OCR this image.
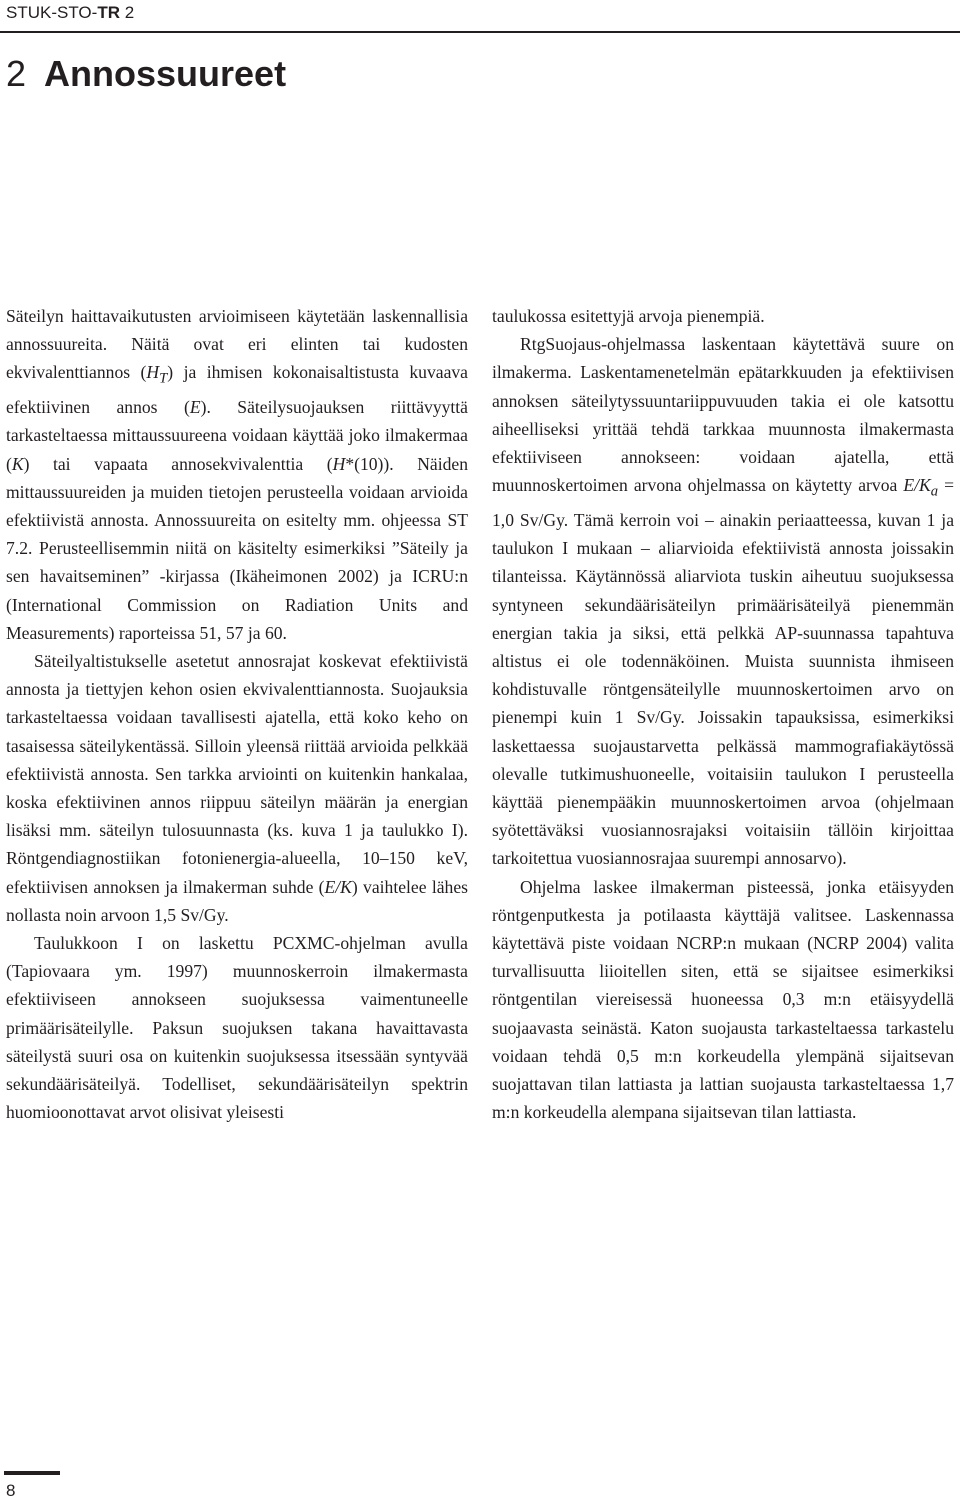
STUK-STO-TR 2
2 Annossuureet

Säteilyn haittavaikutusten arvioimiseen käytetään laskennallisia annossuureita. Näitä ovat eri elinten tai kudosten ekvivalenttiannos $(H_T)$ ja ihmisen kokonaisaltistusta kuvaava efektiivinen annos (E). Säteilysuojauksen riittävyyttä tarkasteltaessa mittaussuureena voidaan käyttää joko ilmakermaa (K) tai vapaata annosekvivalenttia (H*(10)). Näiden mittaussuureiden ja muiden tietojen perusteella voidaan arvioida efektiivistä annosta. Annossuureita on esitelty mm. ohjeessa ST 7.2. Perusteellisemmin niitä on käsitelty esimerkiksi ”Säteily ja sen havaitseminen” -kirjassa (Ikäheimonen 2002) ja ICRU:n (International Commission on Radiation Units and Measurements) raporteissa 51, 57 ja 60.

Säteilyaltistukselle asetetut annosrajat koskevat efektiivistä annosta ja tiettyjen kehon osien ekvivalenttiannosta. Suojauksia tarkasteltaessa voidaan tavallisesti ajatella, että koko keho on tasaisessa säteilykentässä. Silloin yleensä riittää arvioida pelkkää efektiivistä annosta. Sen tarkka arviointi on kuitenkin hankalaa, koska efektiivinen annos riippuu säteilyn määrän ja energian lisäksi mm. säteilyn tulosuunnasta (ks. kuva 1 ja taulukko I). Röntgendiagnostiikan fotonienergia-alueella, 10–150 keV, efektiivisen annoksen ja ilmakerman suhde (E/K) vaihtelee lähes nollasta noin arvoon 1,5 Sv/Gy.

Taulukkoon I on laskettu PCXMC-ohjelman avulla (Tapiovaara ym. 1997) muunnoskerroin ilmakermasta efektiiviseen annokseen suojuksessa vaimentuneelle primäärisäteilylle. Paksun suojuksen takana havaittavasta säteilystä suuri osa on kuitenkin suojuksessa itsessään syntyvää sekundäärisäteilyä. Todelliset, sekundäärisäteilyn spektrin huomioonottavat arvot olisivat yleisesti

taulukossa esitettyjä arvoja pienempiä.

RtgSuojaus-ohjelmassa laskentaan käytettävä suure on ilmakerma. Laskentamenetelmän epätarkkuuden ja efektiivisen annoksen säteilytyssuuntariippuvuuden takia ei ole katsottu aiheelliseksi yrittää tehdä tarkkaa muunnosta ilmakermasta efektiiviseen annokseen: voidaan ajatella, että muunnoskertoimen arvona ohjelmassa on käytetty arvoa $E/K_a = 1,0$ Sv/Gy. Tämä kerroin voi – ainakin periaatteessa, kuvan 1 ja taulukon I mukaan – aliarvioida efektiivistä annosta joissakin tilanteissa. Käytännössä aliarviota tuskin aiheutuu suojuksessa syntyneen sekundäärisäteilyn primäärisäteilyä pienemmän energian takia ja siksi, että pelkkä AP-suunnassa tapahtuva altistus ei ole todennäköinen. Muista suunnista ihmiseen kohdistuvalle röntgensäteilylle muunnoskertoimen arvo on pienempi kuin 1 Sv/Gy. Joissakin tapauksissa, esimerkiksi laskettaessa suojaustarvetta pelkässä mammografiakäytössä olevalle tutkimushuoneelle, voitaisiin taulukon I perusteella käyttää pienempääkin muunnoskertoimen arvoa (ohjelmaan syötettäväksi vuosiannosrajaksi voitaisiin tällöin kirjoittaa tarkoitettua vuosiannosrajaa suurempi annosarvo).

Ohjelma laskee ilmakerman pisteessä, jonka etäisyyden röntgenputkesta ja potilaasta käyttäjä valitsee. Laskennassa käytettävä piste voidaan NCRP:n mukaan (NCRP 2004) valita turvallisuutta liioitellen siten, että se sijaitsee esimerkiksi röntgentilan viereisessä huoneessa 0,3 m:n etäisyydellä suojaavasta seinästä. Katon suojausta tarkasteltaessa tarkastelu voidaan tehdä 0,5 m:n korkeudella ylempänä sijaitsevan suojattavan tilan lattiasta ja lattian suojausta tarkasteltaessa 1,7 m:n korkeudella alempana sijaitsevan tilan lattiasta.

8
